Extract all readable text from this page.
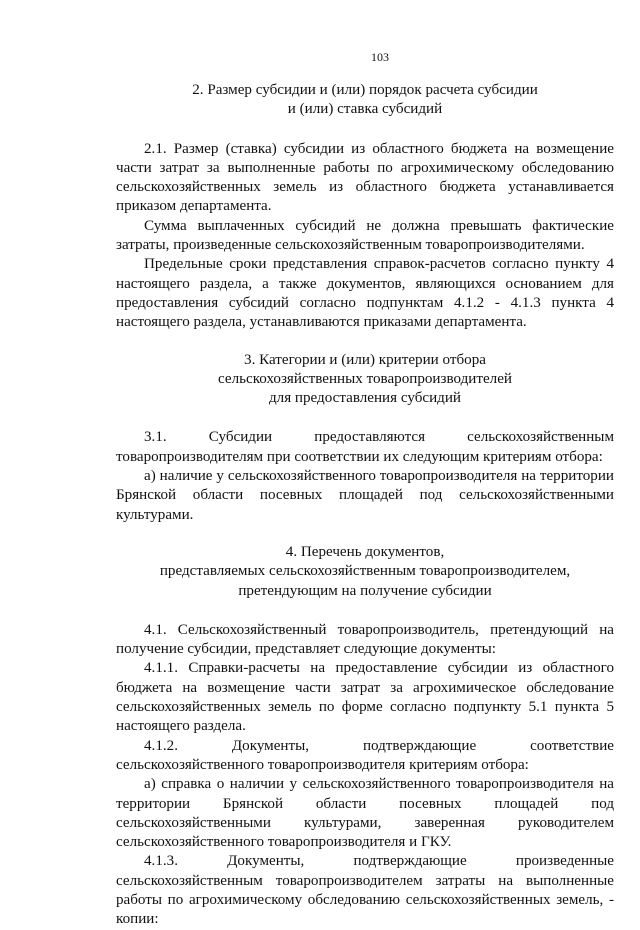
103
2. Размер субсидии и (или) порядок расчета субсидии
и (или) ставка субсидий

2.1. Размер (ставка) субсидии из областного бюджета на возмещение части затрат за выполненные работы по агрохимическому обследованию сельскохозяйственных земель из областного бюджета устанавливается приказом департамента.

Сумма выплаченных субсидий не должна превышать фактические затраты, произведенные сельскохозяйственным товаропроизводителями.

Предельные сроки представления справок-расчетов согласно пункту 4 настоящего раздела, а также документов, являющихся основанием для предоставления субсидий согласно подпунктам 4.1.2 - 4.1.3 пункта 4 настоящего раздела, устанавливаются приказами департамента.

3. Категории и (или) критерии отбора
сельскохозяйственных товаропроизводителей
для предоставления субсидий

3.1. Субсидии предоставляются сельскохозяйственным товаропроизводителям при соответствии их следующим критериям отбора:

а) наличие у сельскохозяйственного товаропроизводителя на территории Брянской области посевных площадей под сельскохозяйственными культурами.

4. Перечень документов,
представляемых сельскохозяйственным товаропроизводителем,
претендующим на получение субсидии

4.1. Сельскохозяйственный товаропроизводитель, претендующий на получение субсидии, представляет следующие документы:

4.1.1. Справки-расчеты на предоставление субсидии из областного бюджета на возмещение части затрат за агрохимическое обследование сельскохозяйственных земель по форме согласно подпункту 5.1 пункта 5 настоящего раздела.

4.1.2. Документы, подтверждающие соответствие сельскохозяйственного товаропроизводителя критериям отбора:

а) справка о наличии у сельскохозяйственного товаропроизводителя на территории Брянской области посевных площадей под сельскохозяйственными культурами, заверенная руководителем сельскохозяйственного товаропроизводителя и ГКУ.

4.1.3. Документы, подтверждающие произведенные сельскохозяйственным товаропроизводителем затраты на выполненные работы по агрохимическому обследованию сельскохозяйственных земель, - копии:
